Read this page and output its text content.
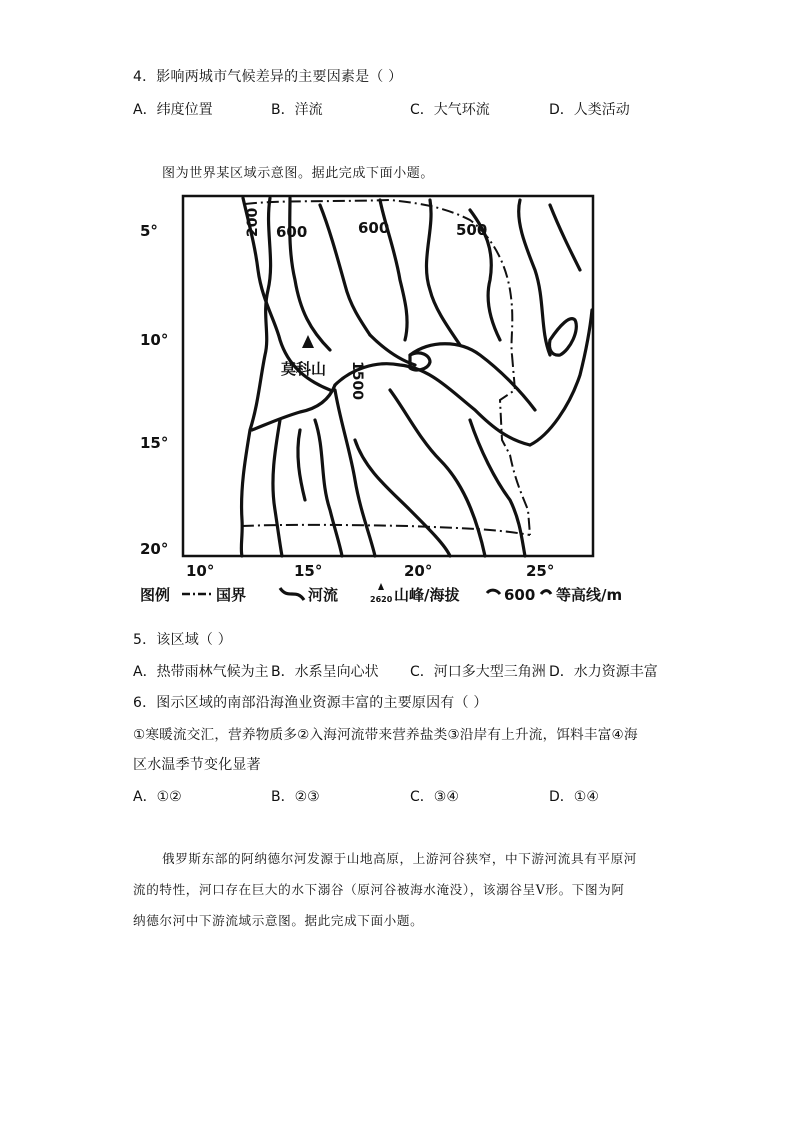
4．影响两城市气候差异的主要因素是（ ）
A．纬度位置	B．洋流	C．大气环流	D．人类活动
图为世界某区域示意图。据此完成下面小题。
200 600	600	500
1500
莫科山
5°
10°
15°
20°
10°	15°	20°	25°
图例	国界	河流	2620 山峰/海拔	600 等高线/m
5．该区域（ ）
A．热带雨林气候为主 B．水系呈向心状 C．河口多大型三角洲 D．水力资源丰富
6．图示区域的南部沿海渔业资源丰富的主要原因有（ ）
①寒暖流交汇，营养物质多②入海河流带来营养盐类③沿岸有上升流，饵料丰富④海
区水温季节变化显著
A．①②	B．②③	C．③④	D．①④
俄罗斯东部的阿纳德尔河发源于山地高原，上游河谷狭窄，中下游河流具有平原河
流的特性，河口存在巨大的水下溺谷（原河谷被海水淹没），该溺谷呈V形。下图为阿
纳德尔河中下游流域示意图。据此完成下面小题。
